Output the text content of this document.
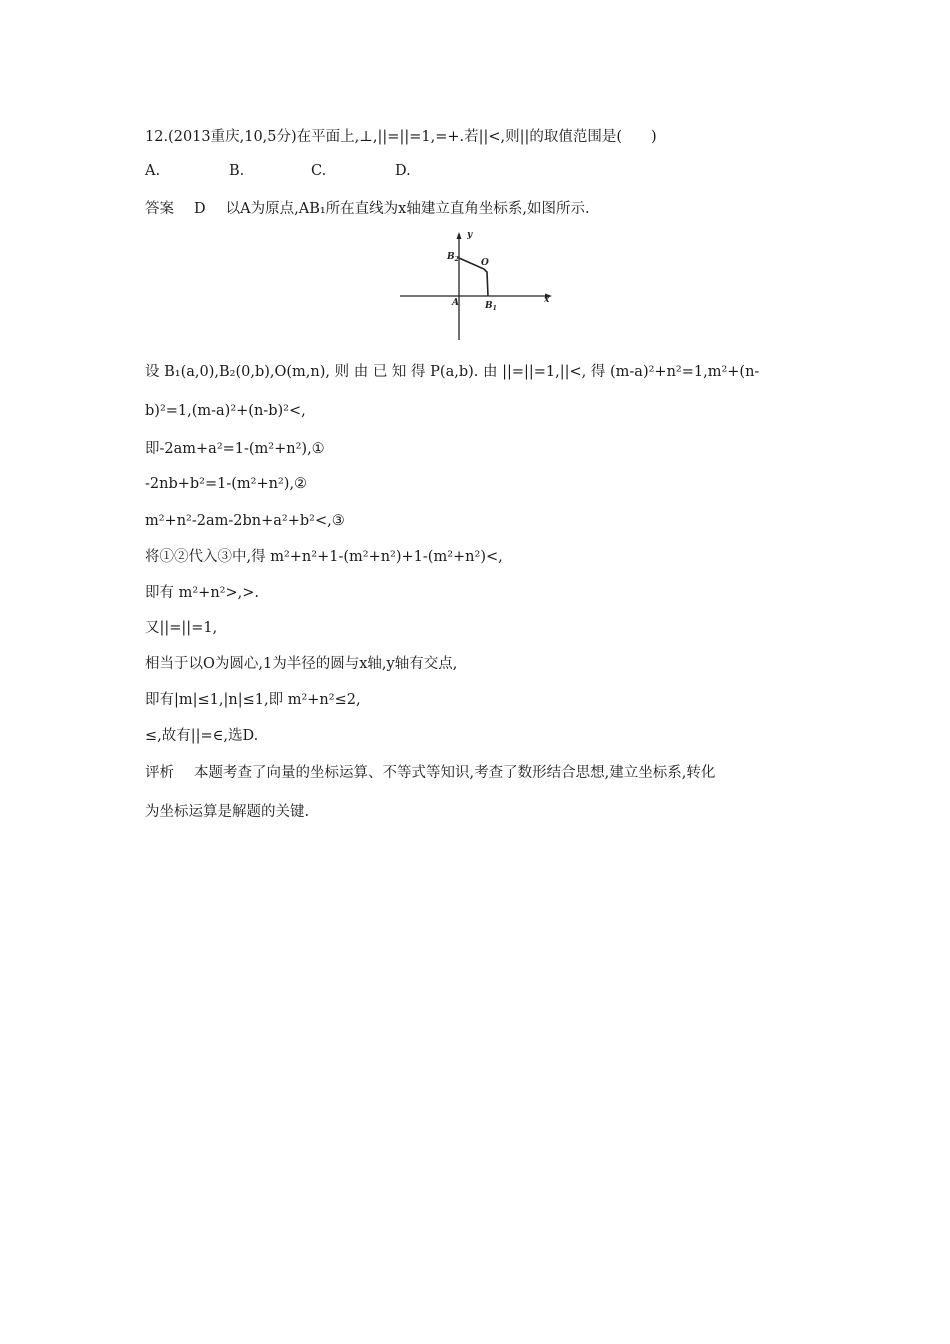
12.(2013重庆,10,5分)在平面上,⊥,||=||=1,=+.若||<,则||的取值范围是(　　)
A.	B.	C.	D.
答案 D 以A为原点,AB₁所在直线为x轴建立直角坐标系,如图所示.
y
x
A
$B_2$ O
$B_1$
设 B₁(a,0),B₂(0,b),O(m,n), 则 由 已 知 得 P(a,b). 由 ||=||=1,||<, 得 (m-a)²+n²=1,m²+(n-
b)²=1,(m-a)²+(n-b)²<,
即-2am+a²=1-(m²+n²),①
-2nb+b²=1-(m²+n²),②
m²+n²-2am-2bn+a²+b²<,③
将①②代入③中,得 m²+n²+1-(m²+n²)+1-(m²+n²)<,
即有 m²+n²>,>.
又||=||=1,
相当于以O为圆心,1为半径的圆与x轴,y轴有交点,
即有|m|≤1,|n|≤1,即 m²+n²≤2,
≤,故有||=∈,选D.
评析 本题考查了向量的坐标运算、不等式等知识,考查了数形结合思想,建立坐标系,转化
为坐标运算是解题的关键.
